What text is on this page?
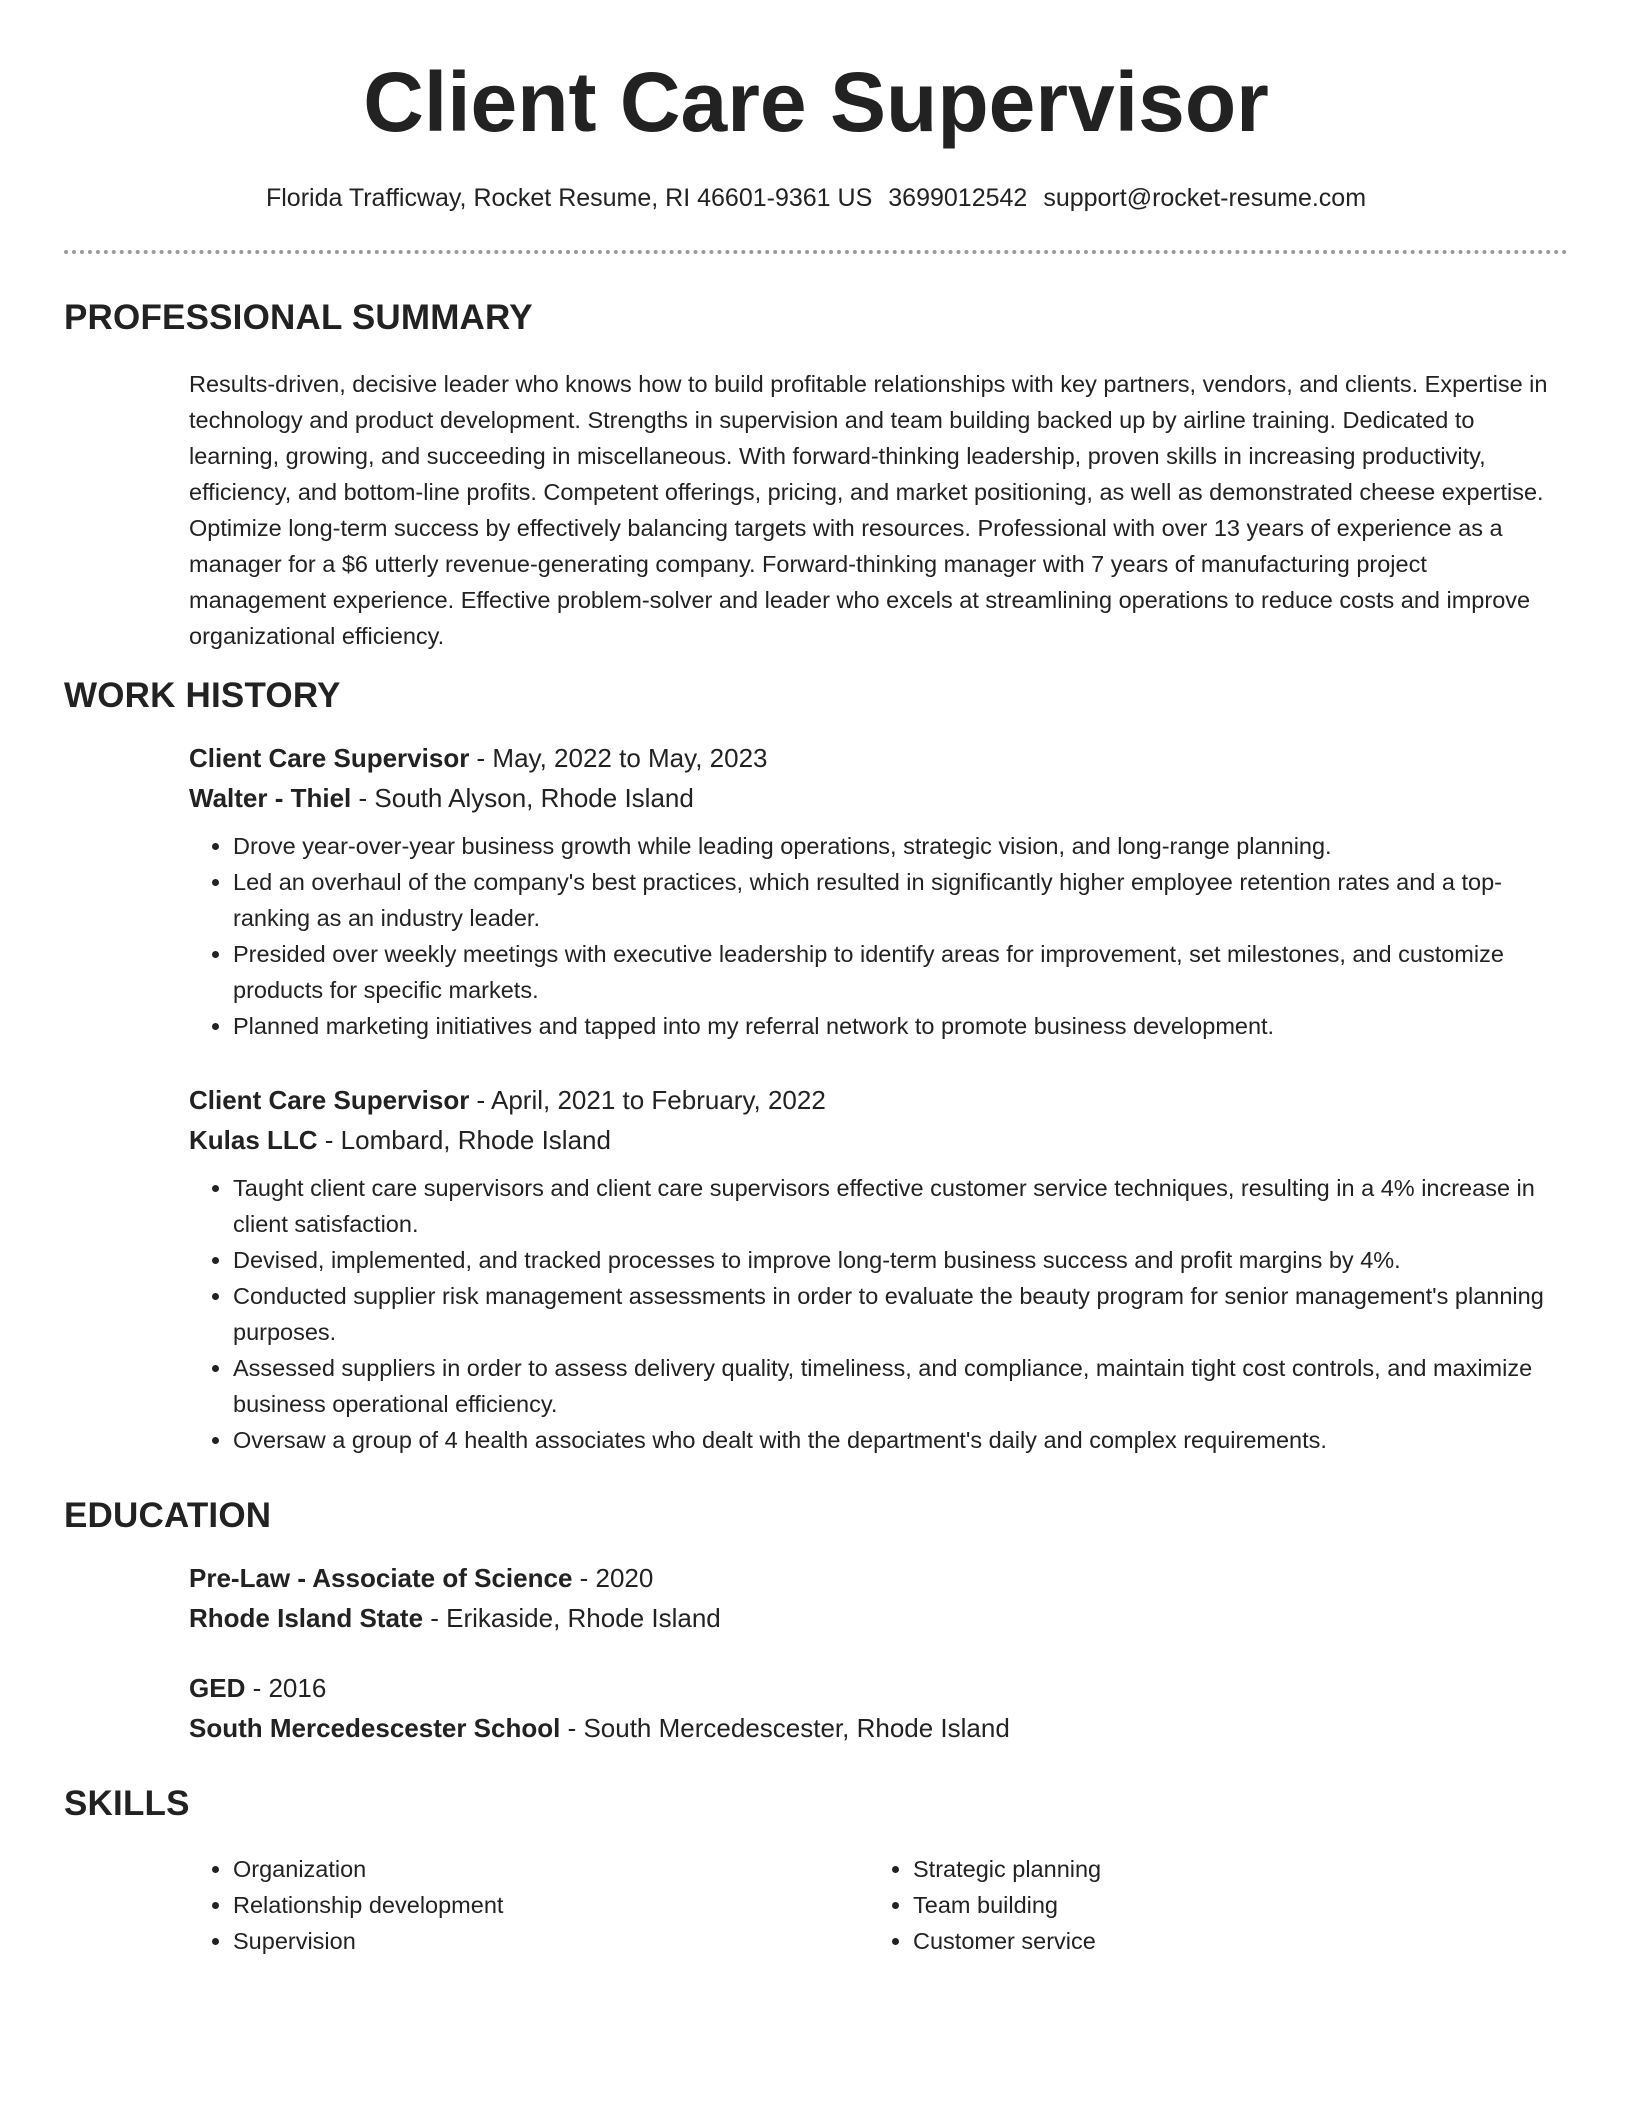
Client Care Supervisor
Florida Trafficway, Rocket Resume, RI 46601-9361 US 3699012542 support@rocket-resume.com
PROFESSIONAL SUMMARY
Results-driven, decisive leader who knows how to build profitable relationships with key partners, vendors, and clients. Expertise in technology and product development. Strengths in supervision and team building backed up by airline training. Dedicated to learning, growing, and succeeding in miscellaneous. With forward-thinking leadership, proven skills in increasing productivity, efficiency, and bottom-line profits. Competent offerings, pricing, and market positioning, as well as demonstrated cheese expertise. Optimize long-term success by effectively balancing targets with resources. Professional with over 13 years of experience as a manager for a $6 utterly revenue-generating company. Forward-thinking manager with 7 years of manufacturing project management experience. Effective problem-solver and leader who excels at streamlining operations to reduce costs and improve organizational efficiency.
WORK HISTORY
Client Care Supervisor - May, 2022 to May, 2023
Walter - Thiel - South Alyson, Rhode Island
• Drove year-over-year business growth while leading operations, strategic vision, and long-range planning.
• Led an overhaul of the company's best practices, which resulted in significantly higher employee retention rates and a top-ranking as an industry leader.
• Presided over weekly meetings with executive leadership to identify areas for improvement, set milestones, and customize products for specific markets.
• Planned marketing initiatives and tapped into my referral network to promote business development.
Client Care Supervisor - April, 2021 to February, 2022
Kulas LLC - Lombard, Rhode Island
• Taught client care supervisors and client care supervisors effective customer service techniques, resulting in a 4% increase in client satisfaction.
• Devised, implemented, and tracked processes to improve long-term business success and profit margins by 4%.
• Conducted supplier risk management assessments in order to evaluate the beauty program for senior management's planning purposes.
• Assessed suppliers in order to assess delivery quality, timeliness, and compliance, maintain tight cost controls, and maximize business operational efficiency.
• Oversaw a group of 4 health associates who dealt with the department's daily and complex requirements.
EDUCATION
Pre-Law - Associate of Science - 2020
Rhode Island State - Erikaside, Rhode Island
GED - 2016
South Mercedescester School - South Mercedescester, Rhode Island
SKILLS
• Organization
• Relationship development
• Supervision
• Strategic planning
• Team building
• Customer service
